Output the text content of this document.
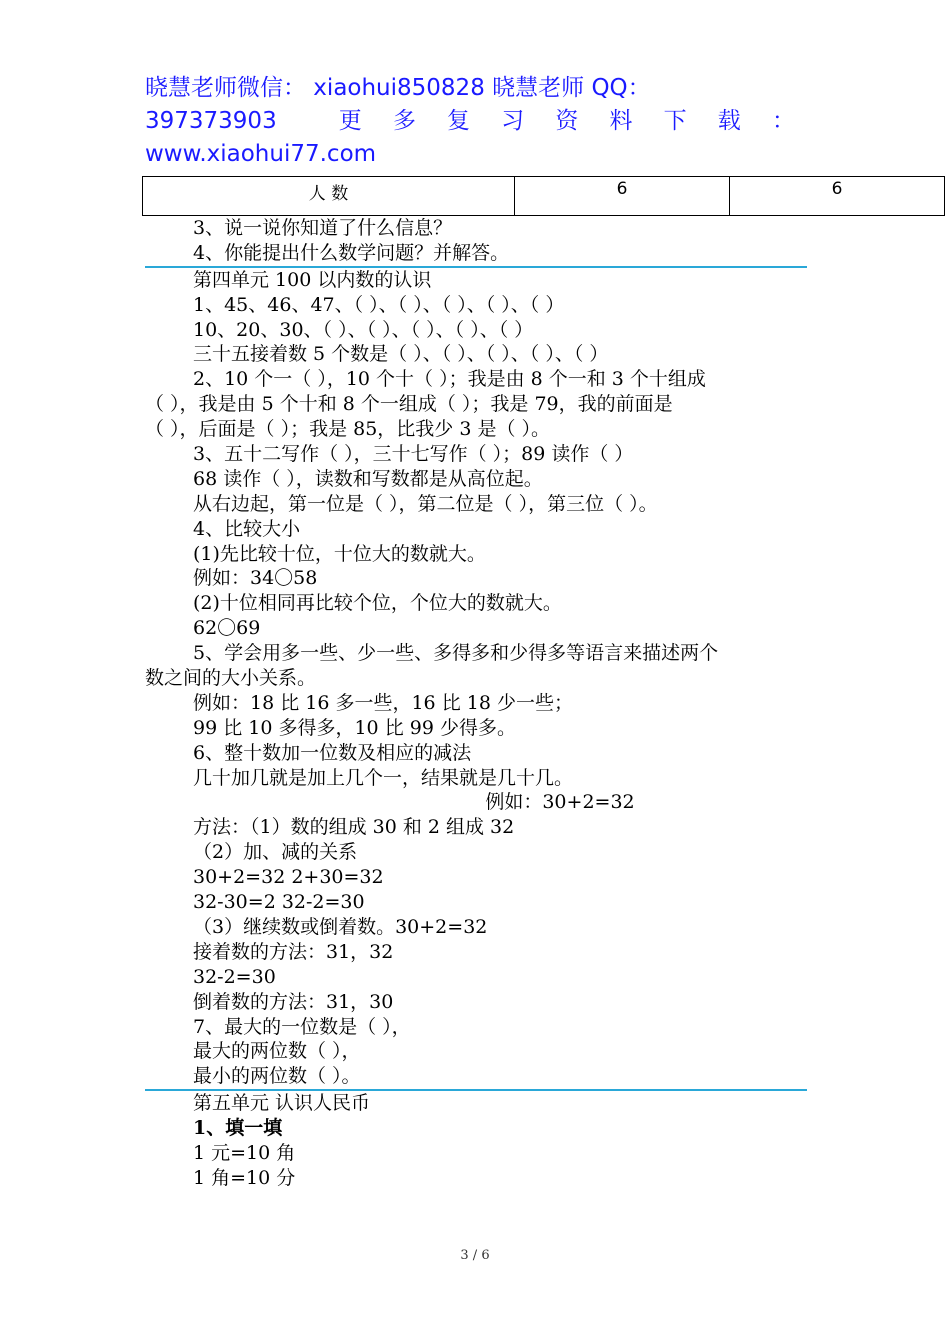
晓慧老师微信： xiaohui850828 晓慧老师 QQ：
397373903	更 多 复 习 资 料 下 载 ：
www.xiaohui77.com
人 数	6	6
3、说一说你知道了什么信息？
4、你能提出什么数学问题？并解答。
第四单元 100 以内数的认识
1、45、46、47、（ ）、（ ）、（ ）、（ ）、（ ）
10、20、30、（ ）、（ ）、（ ）、（ ）、（ ）
三十五接着数 5 个数是（ ）、（ ）、（ ）、（ ）、（ ）
2、10 个一（ ），10 个十（ ）；我是由 8 个一和 3 个十组成
（ ），我是由 5 个十和 8 个一组成（ ）；我是 79，我的前面是
（ ），后面是（ ）；我是 85，比我少 3 是（ ）。
3、五十二写作（ ），三十七写作（ ）；89 读作（ ）
68 读作（ ），读数和写数都是从高位起。
从右边起，第一位是（ ），第二位是（ ），第三位（ ）。
4、比较大小
(1)先比较十位，十位大的数就大。
例如：34〇58
(2)十位相同再比较个位，个位大的数就大。
62〇69
5、学会用多一些、少一些、多得多和少得多等语言来描述两个
数之间的大小关系。
例如：18 比 16 多一些，16 比 18 少一些；
99 比 10 多得多，10 比 99 少得多。
6、整十数加一位数及相应的减法
几十加几就是加上几个一，结果就是几十几。
例如：30+2=32
方法：（1）数的组成 30 和 2 组成 32
（2）加、减的关系
30+2=32 2+30=32
32-30=2 32-2=30
（3）继续数或倒着数。30+2=32
接着数的方法：31，32
32-2=30
倒着数的方法：31，30
7、最大的一位数是（ ），
最大的两位数（ ），
最小的两位数（ ）。
第五单元 认识人民币
1、填一填
1 元=10 角
1 角=10 分
3 / 6
